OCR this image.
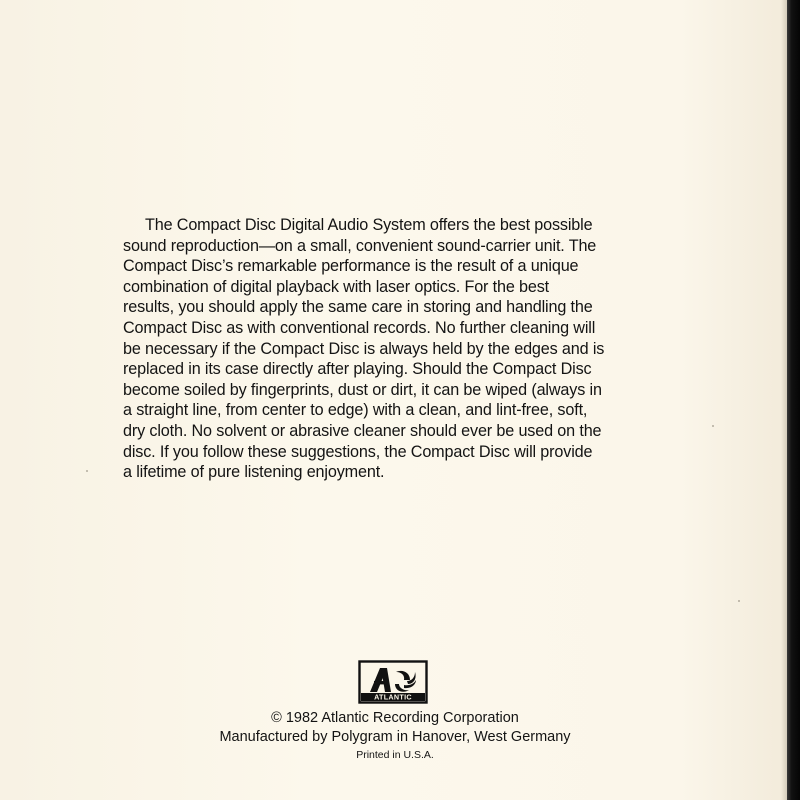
The Compact Disc Digital Audio System offers the best possible
sound reproduction—on a small, convenient sound-carrier unit. The
Compact Disc’s remarkable performance is the result of a unique
combination of digital playback with laser optics. For the best
results, you should apply the same care in storing and handling the
Compact Disc as with conventional records. No further cleaning will
be necessary if the Compact Disc is always held by the edges and is
replaced in its case directly after playing. Should the Compact Disc
become soiled by fingerprints, dust or dirt, it can be wiped (always in
a straight line, from center to edge) with a clean, and lint-free, soft,
dry cloth. No solvent or abrasive cleaner should ever be used on the
disc. If you follow these suggestions, the Compact Disc will provide
a lifetime of pure listening enjoyment.
ATLANTIC
© 1982 Atlantic Recording Corporation
Manufactured by Polygram in Hanover, West Germany
Printed in U.S.A.
